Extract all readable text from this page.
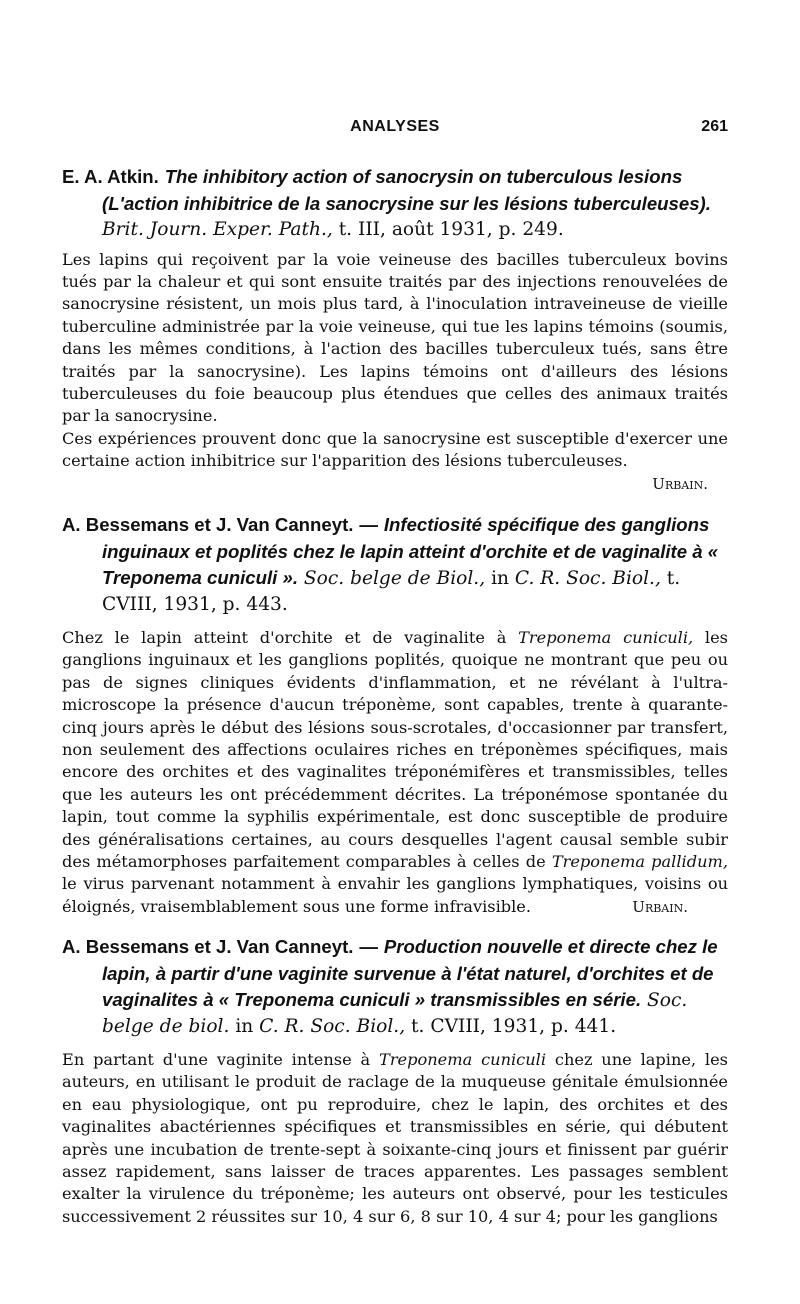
ANALYSES	261

E. A. Atkin. The inhibitory action of sanocrysin on tuberculous lesions (L'action inhibitrice de la sanocrysine sur les lésions tuberculeuses). Brit. Journ. Exper. Path., t. III, août 1931, p. 249.

Les lapins qui reçoivent par la voie veineuse des bacilles tuberculeux bovins tués par la chaleur et qui sont ensuite traités par des injections renouvelées de sanocrysine résistent, un mois plus tard, à l'inoculation intraveineuse de vieille tuberculine administrée par la voie veineuse, qui tue les lapins témoins (soumis, dans les mêmes conditions, à l'action des bacilles tuberculeux tués, sans être traités par la sanocrysine). Les lapins témoins ont d'ailleurs des lésions tuberculeuses du foie beaucoup plus étendues que celles des animaux traités par la sanocrysine.

Ces expériences prouvent donc que la sanocrysine est susceptible d'exercer une certaine action inhibitrice sur l'apparition des lésions tuberculeuses.

Urbain.

A. Bessemans et J. Van Canneyt. — Infectiosité spécifique des ganglions inguinaux et poplités chez le lapin atteint d'orchite et de vaginalite à « Treponema cuniculi ». Soc. belge de Biol., in C. R. Soc. Biol., t. CVIII, 1931, p. 443.

Chez le lapin atteint d'orchite et de vaginalite à Treponema cuniculi, les ganglions inguinaux et les ganglions poplités, quoique ne montrant que peu ou pas de signes cliniques évidents d'inflammation, et ne révélant à l'ultra-microscope la présence d'aucun tréponème, sont capables, trente à quarante-cinq jours après le début des lésions sous-scrotales, d'occasionner par transfert, non seulement des affections oculaires riches en tréponèmes spécifiques, mais encore des orchites et des vaginalites tréponémifères et transmissibles, telles que les auteurs les ont précédemment décrites. La tréponémose spontanée du lapin, tout comme la syphilis expérimentale, est donc susceptible de produire des généralisations certaines, au cours desquelles l'agent causal semble subir des métamorphoses parfaitement comparables à celles de Treponema pallidum, le virus parvenant notamment à envahir les ganglions lymphatiques, voisins ou éloignés, vraisemblablement sous une forme infravisible.	Urbain.

A. Bessemans et J. Van Canneyt. — Production nouvelle et directe chez le lapin, à partir d'une vaginite survenue à l'état naturel, d'orchites et de vaginalites à « Treponema cuniculi » transmissibles en série. Soc. belge de biol. in C. R. Soc. Biol., t. CVIII, 1931, p. 441.

En partant d'une vaginite intense à Treponema cuniculi chez une lapine, les auteurs, en utilisant le produit de raclage de la muqueuse génitale émulsionnée en eau physiologique, ont pu reproduire, chez le lapin, des orchites et des vaginalites abactériennes spécifiques et transmissibles en série, qui débutent après une incubation de trente-sept à soixante-cinq jours et finissent par guérir assez rapidement, sans laisser de traces apparentes. Les passages semblent exalter la virulence du tréponème; les auteurs ont observé, pour les testicules successivement 2 réussites sur 10, 4 sur 6, 8 sur 10, 4 sur 4; pour les ganglions
